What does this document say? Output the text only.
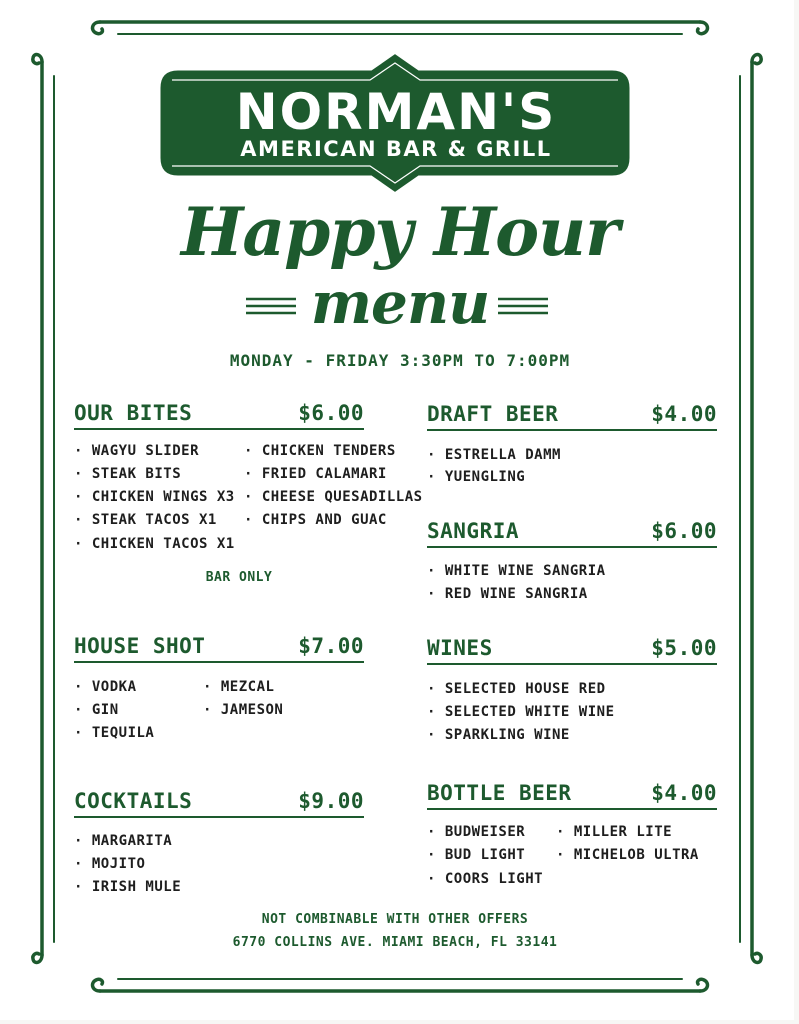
NORMAN'S
AMERICAN BAR & GRILL
Happy Hour
menu
MONDAY - FRIDAY 3:30PM TO 7:00PM
OUR BITES	$6.00
· WAGYU SLIDER
· STEAK BITS
· CHICKEN WINGS X3
· STEAK TACOS X1
· CHICKEN TACOS X1
· CHICKEN TENDERS
· FRIED CALAMARI
· CHEESE QUESADILLAS
· CHIPS AND GUAC
BAR ONLY
HOUSE SHOT	$7.00
· VODKA
· GIN
· TEQUILA
· MEZCAL
· JAMESON
COCKTAILS	$9.00
· MARGARITA
· MOJITO
· IRISH MULE
DRAFT BEER	$4.00
· ESTRELLA DAMM
· YUENGLING
SANGRIA	$6.00
· WHITE WINE SANGRIA
· RED WINE SANGRIA
WINES	$5.00
· SELECTED HOUSE RED
· SELECTED WHITE WINE
· SPARKLING WINE
BOTTLE BEER	$4.00
· BUDWEISER
· BUD LIGHT
· COORS LIGHT
· MILLER LITE
· MICHELOB ULTRA
NOT COMBINABLE WITH OTHER OFFERS
6770 COLLINS AVE. MIAMI BEACH, FL 33141
